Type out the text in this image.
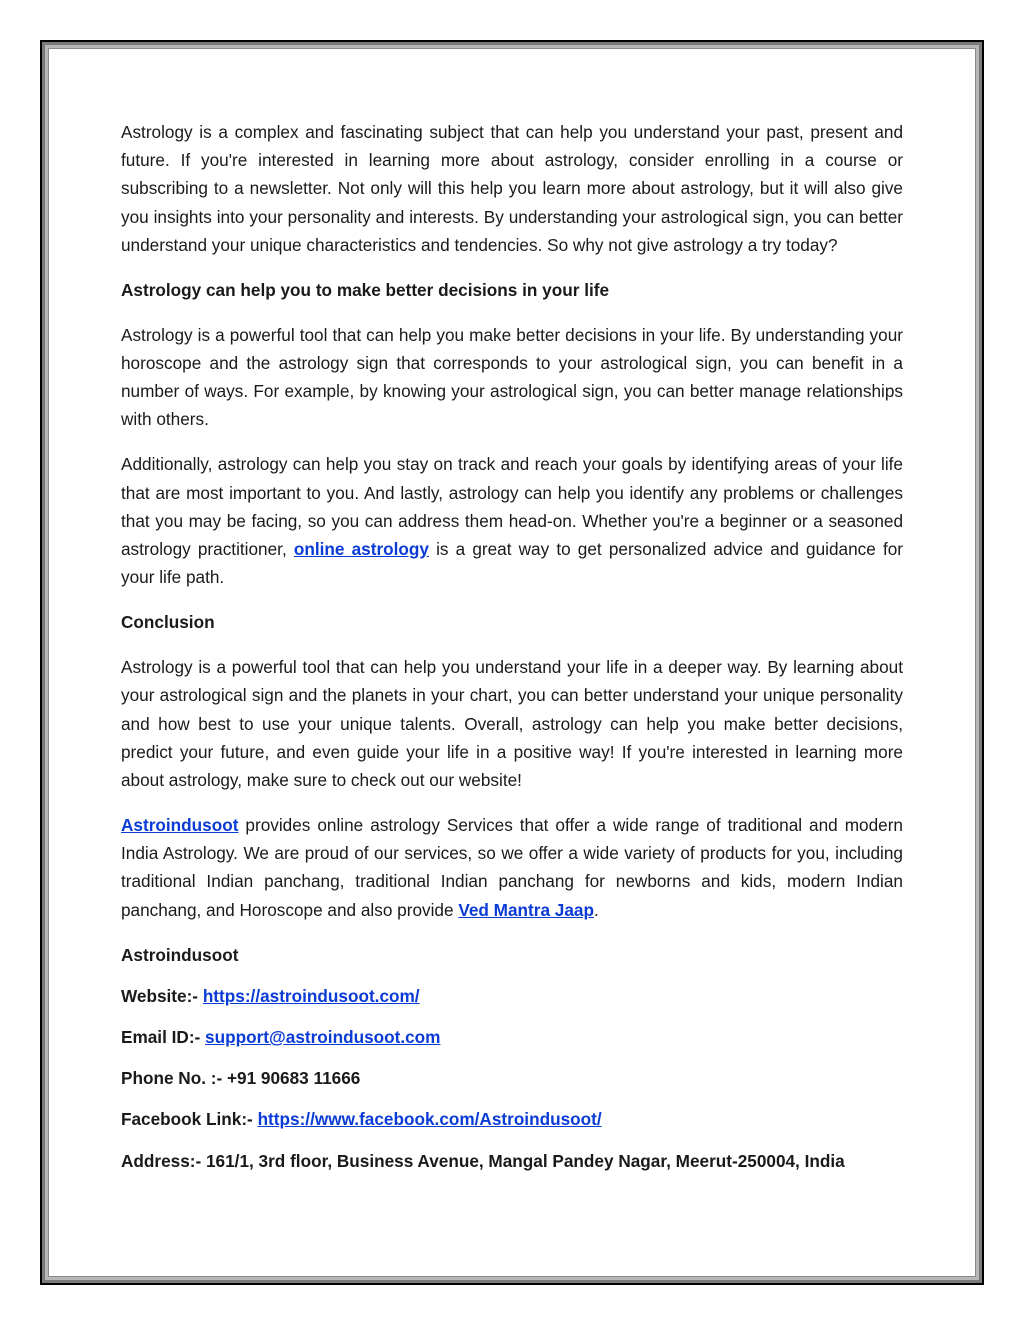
Astrology is a complex and fascinating subject that can help you understand your past, present and future. If you're interested in learning more about astrology, consider enrolling in a course or subscribing to a newsletter. Not only will this help you learn more about astrology, but it will also give you insights into your personality and interests. By understanding your astrological sign, you can better understand your unique characteristics and tendencies. So why not give astrology a try today?

Astrology can help you to make better decisions in your life

Astrology is a powerful tool that can help you make better decisions in your life. By understanding your horoscope and the astrology sign that corresponds to your astrological sign, you can benefit in a number of ways. For example, by knowing your astrological sign, you can better manage relationships with others.

Additionally, astrology can help you stay on track and reach your goals by identifying areas of your life that are most important to you. And lastly, astrology can help you identify any problems or challenges that you may be facing, so you can address them head-on. Whether you're a beginner or a seasoned astrology practitioner, online astrology is a great way to get personalized advice and guidance for your life path.

Conclusion

Astrology is a powerful tool that can help you understand your life in a deeper way. By learning about your astrological sign and the planets in your chart, you can better understand your unique personality and how best to use your unique talents. Overall, astrology can help you make better decisions, predict your future, and even guide your life in a positive way! If you're interested in learning more about astrology, make sure to check out our website!

Astroindusoot provides online astrology Services that offer a wide range of traditional and modern India Astrology. We are proud of our services, so we offer a wide variety of products for you, including traditional Indian panchang, traditional Indian panchang for newborns and kids, modern Indian panchang, and Horoscope and also provide Ved Mantra Jaap.

Astroindusoot

Website:- https://astroindusoot.com/

Email ID:- support@astroindusoot.com

Phone No. :- +91 90683 11666

Facebook Link:- https://www.facebook.com/Astroindusoot/

Address:- 161/1, 3rd floor, Business Avenue, Mangal Pandey Nagar, Meerut-250004, India
